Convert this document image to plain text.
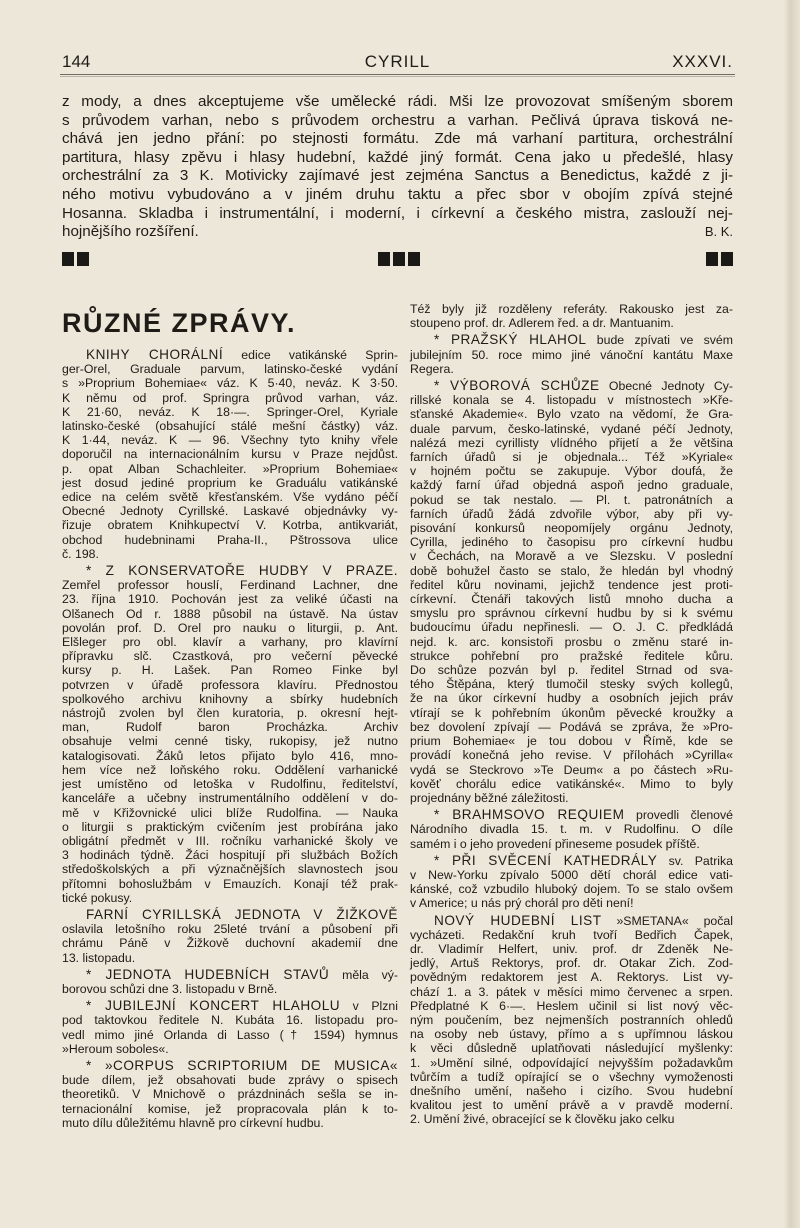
144	CYRILL	XXXVI.
z mody, a dnes akceptujeme vše umělecké rádi. Mši lze provozovat smíšeným sborem
s průvodem varhan, nebo s průvodem orchestru a varhan. Pečlivá úprava tisková ne-
chává jen jedno přání: po stejnosti formátu. Zde má varhaní partitura, orchestrální
partitura, hlasy zpěvu i hlasy hudební, každé jiný formát. Cena jako u předešlé, hlasy
orchestrální za 3 K. Motivicky zajímavé jest zejména Sanctus a Benedictus, každé z ji-
ného motivu vybudováno a v jiném druhu taktu a přec sbor v obojím zpívá stejné
Hosanna. Skladba i instrumentální, i moderní, i církevní a českého mistra, zaslouží nej-
hojnějšího rozšíření.	B. K.
RŮZNÉ ZPRÁVY.
KNIHY CHORÁLNÍ edice vatikánské Sprin-
ger-Orel, Graduale parvum, latinsko-české vydání
s »Proprium Bohemiae« váz. K 5·40, neváz. K 3·50.
K němu od prof. Springra průvod varhan, váz.
K 21·60, neváz. K 18·—. Springer-Orel, Kyriale
latinsko-české (obsahující stálé mešní částky) váz.
K 1·44, neváz. K — 96. Všechny tyto knihy vřele
doporučil na internacionálním kursu v Praze nejdůst.
p. opat Alban Schachleiter. »Proprium Bohemiae«
jest dosud jediné proprium ke Graduálu vatikánské
edice na celém světě křesťanském. Vše vydáno péčí
Obecné Jednoty Cyrillské. Laskavé objednávky vy-
řizuje obratem Knihkupectví V. Kotrba, antikvariát,
obchod hudebninami Praha-II., Pštrossova ulice
č. 198.
* Z KONSERVATOŘE HUDBY V PRAZE.
Zemřel professor houslí, Ferdinand Lachner, dne
23. října 1910. Pochován jest za veliké účasti na
Olšanech Od r. 1888 působil na ústavě. Na ústav
povolán prof. D. Orel pro nauku o liturgii, p. Ant.
Elšleger pro obl. klavír a varhany, pro klavírní
přípravku slč. Czastková, pro večerní pěvecké
kursy p. H. Lašek. Pan Romeo Finke byl
potvrzen v úřadě professora klavíru. Přednostou
spolkového archivu knihovny a sbírky hudebních
nástrojů zvolen byl člen kuratoria, p. okresní hejt-
man, Rudolf baron Procházka. Archiv
obsahuje velmi cenné tisky, rukopisy, jež nutno
katalogisovati. Žáků letos přijato bylo 416, mno-
hem více než loňského roku. Oddělení varhanické
jest umístěno od letoška v Rudolfinu, ředitelství,
kanceláře a učebny instrumentálního oddělení v do-
mě v Křižovnické ulici blíže Rudolfina. — Nauka
o liturgii s praktickým cvičením jest probírána jako
obligátní předmět v III. ročníku varhanické školy ve
3 hodinách týdně. Žáci hospitují při službách Božích
středoškolských a při význačnějších slavnostech jsou
přítomni bohoslužbám v Emauzích. Konají též prak-
tické pokusy.
FARNÍ CYRILLSKÁ JEDNOTA V ŽIŽKOVĚ
oslavila letošního roku 25leté trvání a působení při
chrámu Páně v Žižkově duchovní akademií dne
13. listopadu.
* JEDNOTA HUDEBNÍCH STAVŮ měla vý-
borovou schůzi dne 3. listopadu v Brně.
* JUBILEJNÍ KONCERT HLAHOLU v Plzni
pod taktovkou ředitele N. Kubáta 16. listopadu pro-
vedl mimo jiné Orlanda di Lasso († 1594) hymnus
»Heroum soboles«.
* »CORPUS SCRIPTORIUM DE MUSICA«
bude dílem, jež obsahovati bude zprávy o spisech
theoretiků. V Mnichově o prázdninách sešla se in-
ternacionální komise, jež propracovala plán k to-
muto dílu důležitému hlavně pro církevní hudbu.
Též byly již rozděleny referáty. Rakousko jest za-
stoupeno prof. dr. Adlerem řed. a dr. Mantuanim.
* PRAŽSKÝ HLAHOL bude zpívati ve svém
jubilejním 50. roce mimo jiné vánoční kantátu Maxe
Regera.
* VÝBOROVÁ SCHŮZE Obecné Jednoty Cy-
rillské konala se 4. listopadu v místnostech »Kře-
sťanské Akademie«. Bylo vzato na vědomí, že Gra-
duale parvum, česko-latinské, vydané péčí Jednoty,
nalézá mezi cyrillisty vlídného přijetí a že většina
farních úřadů si je objednala... Též »Kyriale«
v hojném počtu se zakupuje. Výbor doufá, že
každý farní úřad objedná aspoň jedno graduale,
pokud se tak nestalo. — Pl. t. patronátních a
farních úřadů žádá zdvořile výbor, aby při vy-
pisování konkursů neopomíjely orgánu Jednoty,
Cyrilla, jediného to časopisu pro církevní hudbu
v Čechách, na Moravě a ve Slezsku. V poslední
době bohužel často se stalo, že hledán byl vhodný
ředitel kůru novinami, jejichž tendence jest proti-
církevní. Čtenáři takových listů mnoho ducha a
smyslu pro správnou církevní hudbu by si k svému
budoucímu úřadu nepřinesli. — O. J. C. předkládá
nejd. k. arc. konsistoři prosbu o změnu staré in-
strukce pohřební pro pražské ředitele kůru.
Do schůze pozván byl p. ředitel Strnad od sva-
tého Štěpána, který tlumočil stesky svých kollegů,
že na úkor církevní hudby a osobních jejich práv
vtírají se k pohřebním úkonům pěvecké kroužky a
bez dovolení zpívají — Podává se zpráva, že »Pro-
prium Bohemiae« je tou dobou v Římě, kde se
provádí konečná jeho revise. V přílohách »Cyrilla«
vydá se Steckrovo »Te Deum« a po částech »Ru-
kověť chorálu edice vatikánské«. Mimo to byly
projednány běžné záležitosti.
* BRAHMSOVO REQUIEM provedli členové
Národního divadla 15. t. m. v Rudolfinu. O díle
samém i o jeho provedení přineseme posudek příště.
* PŘI SVĚCENÍ KATHEDRÁLY sv. Patrika
v New-Yorku zpívalo 5000 dětí chorál edice vati-
kánské, což vzbudilo hluboký dojem. To se stalo ovšem
v Americe; u nás prý chorál pro děti není!
NOVÝ HUDEBNÍ LIST »SMETANA« počal
vycházeti. Redakční kruh tvoří Bedřich Čapek,
dr. Vladimír Helfert, univ. prof. dr Zdeněk Ne-
jedlý, Artuš Rektorys, prof. dr. Otakar Zich. Zod-
povědným redaktorem jest A. Rektorys. List vy-
chází 1. a 3. pátek v měsíci mimo červenec a srpen.
Předplatné K 6·—. Heslem učinil si list nový věc-
ným poučením, bez nejmenších postranních ohledů
na osoby neb ústavy, přímo a s upřímnou láskou
k věci důsledně uplatňovati následující myšlenky:
1. »Umění silné, odpovídající nejvyšším požadavkům
tvůrčím a tudíž opírající se o všechny vymoženosti
dnešního umění, našeho i cizího. Svou hudební
kvalitou jest to umění právě a v pravdě moderní.
2. Umění živé, obracející se k člověku jako celku
